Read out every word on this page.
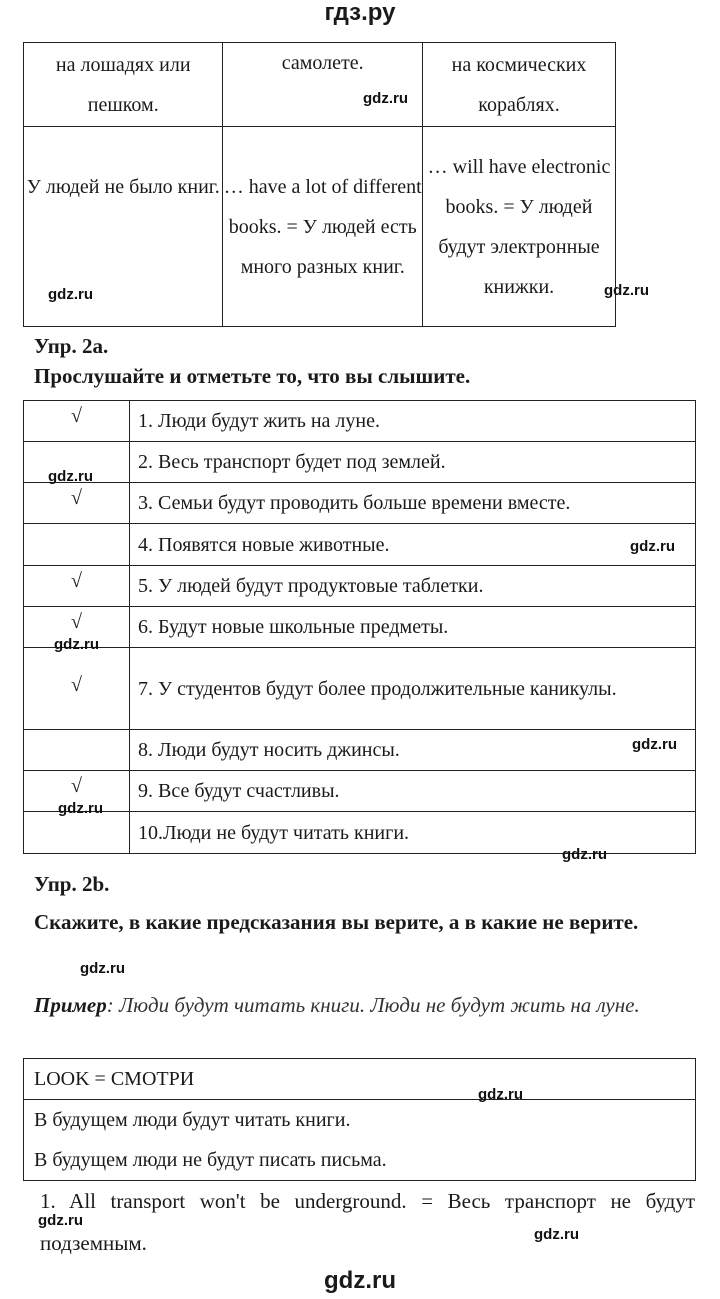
гдз.ру
на лошадях или пешком.	самолете.	на космических кораблях.
У людей не было книг.	… have a lot of different books. = У людей есть много разных книг.	… will have electronic books. = У людей будут электронные книжки.
Упр. 2а.
Прослушайте и отметьте то, что вы слышите.
√	1. Люди будут жить на луне.
	2. Весь транспорт будет под землей.
√	3. Семьи будут проводить больше времени вместе.
	4. Появятся новые животные.
√	5. У людей будут продуктовые таблетки.
√	6. Будут новые школьные предметы.
√	7. У студентов будут более продолжительные каникулы.
	8. Люди будут носить джинсы.
√	9. Все будут счастливы.
	10.Люди не будут читать книги.
Упр. 2b.
Скажите, в какие предсказания вы верите, а в какие не верите.
Пример: Люди будут читать книги. Люди не будут жить на луне.
LOOK = СМОТРИ

В будущем люди будут читать книги.
В будущем люди не будут писать письма.
1. All transport won't be underground. = Весь транспорт не будут подземным.
gdz.ru
gdz.ru	gdz.ru
gdz.ru
gdz.ru
gdz.ru
gdz.ru
gdz.ru
gdz.ru
gdz.ru
gdz.ru
gdz.ru
gdz.ru
gdz.ru
